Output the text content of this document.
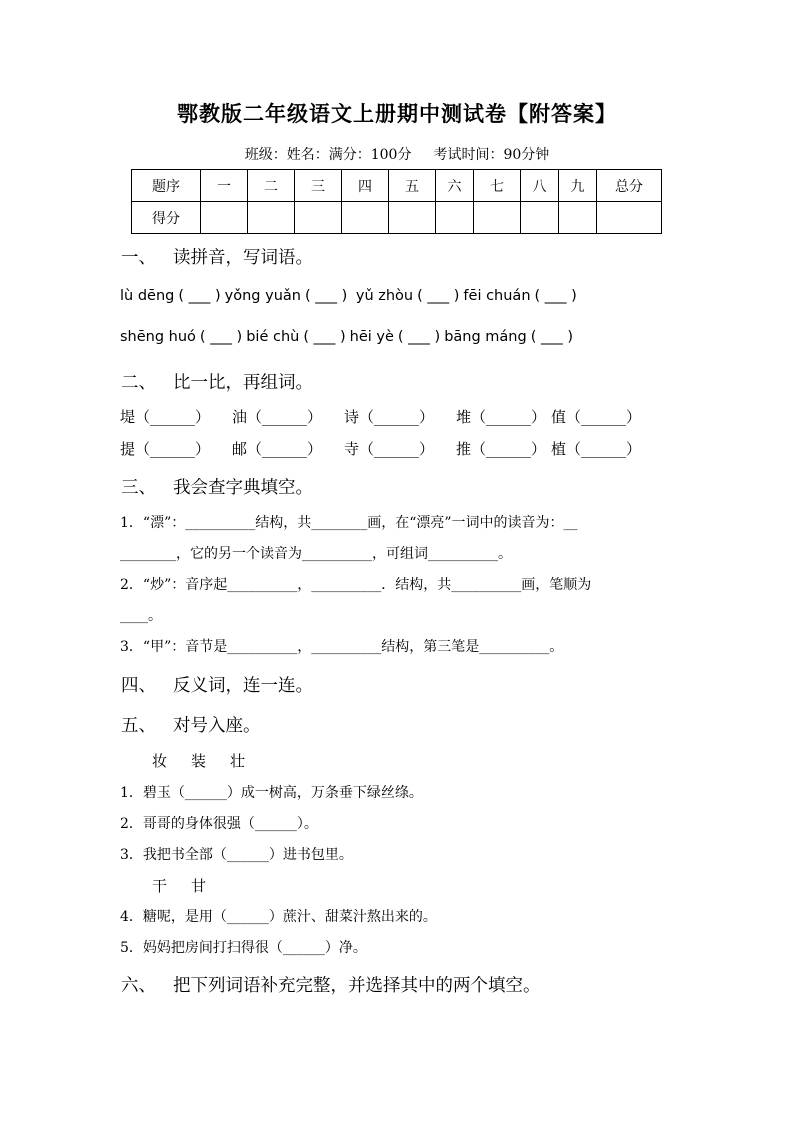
鄂教版二年级语文上册期中测试卷【附答案】
班级：姓名：满分：100分 考试时间：90分钟
题序	一	二	三	四	五	六	七	八	九	总分
得分										
一、 读拼音，写词语。
lù dēng ( ___ ) yǒng yuǎn ( ___ ) yǔ zhòu ( ___ ) fēi chuán ( ___ )
shēng huó ( ___ ) bié chù ( ___ ) hēi yè ( ___ ) bāng máng ( ___ )
二、 比一比，再组词。
堤（______） 油（______） 诗（______） 堆（______） 值（______）
提（______） 邮（______） 寺（______） 推（______） 植（______）
三、 我会查字典填空。
1．“漂”：__________结构，共________画，在“漂亮”一词中的读音为：__
________，它的另一个读音为__________，可组词__________。
2．“炒”：音序起__________，__________．结构，共__________画，笔顺为
____。
3．“甲”：音节是__________，__________结构，第三笔是__________。
四、 反义词，连一连。
五、 对号入座。
妆 装 壮
1．碧玉（______）成一树高，万条垂下绿丝绦。
2．哥哥的身体很强（______）。
3．我把书全部（______）进书包里。
干 甘
4．糖呢，是用（______）蔗汁、甜菜汁熬出来的。
5．妈妈把房间打扫得很（______）净。
六、 把下列词语补充完整，并选择其中的两个填空。
